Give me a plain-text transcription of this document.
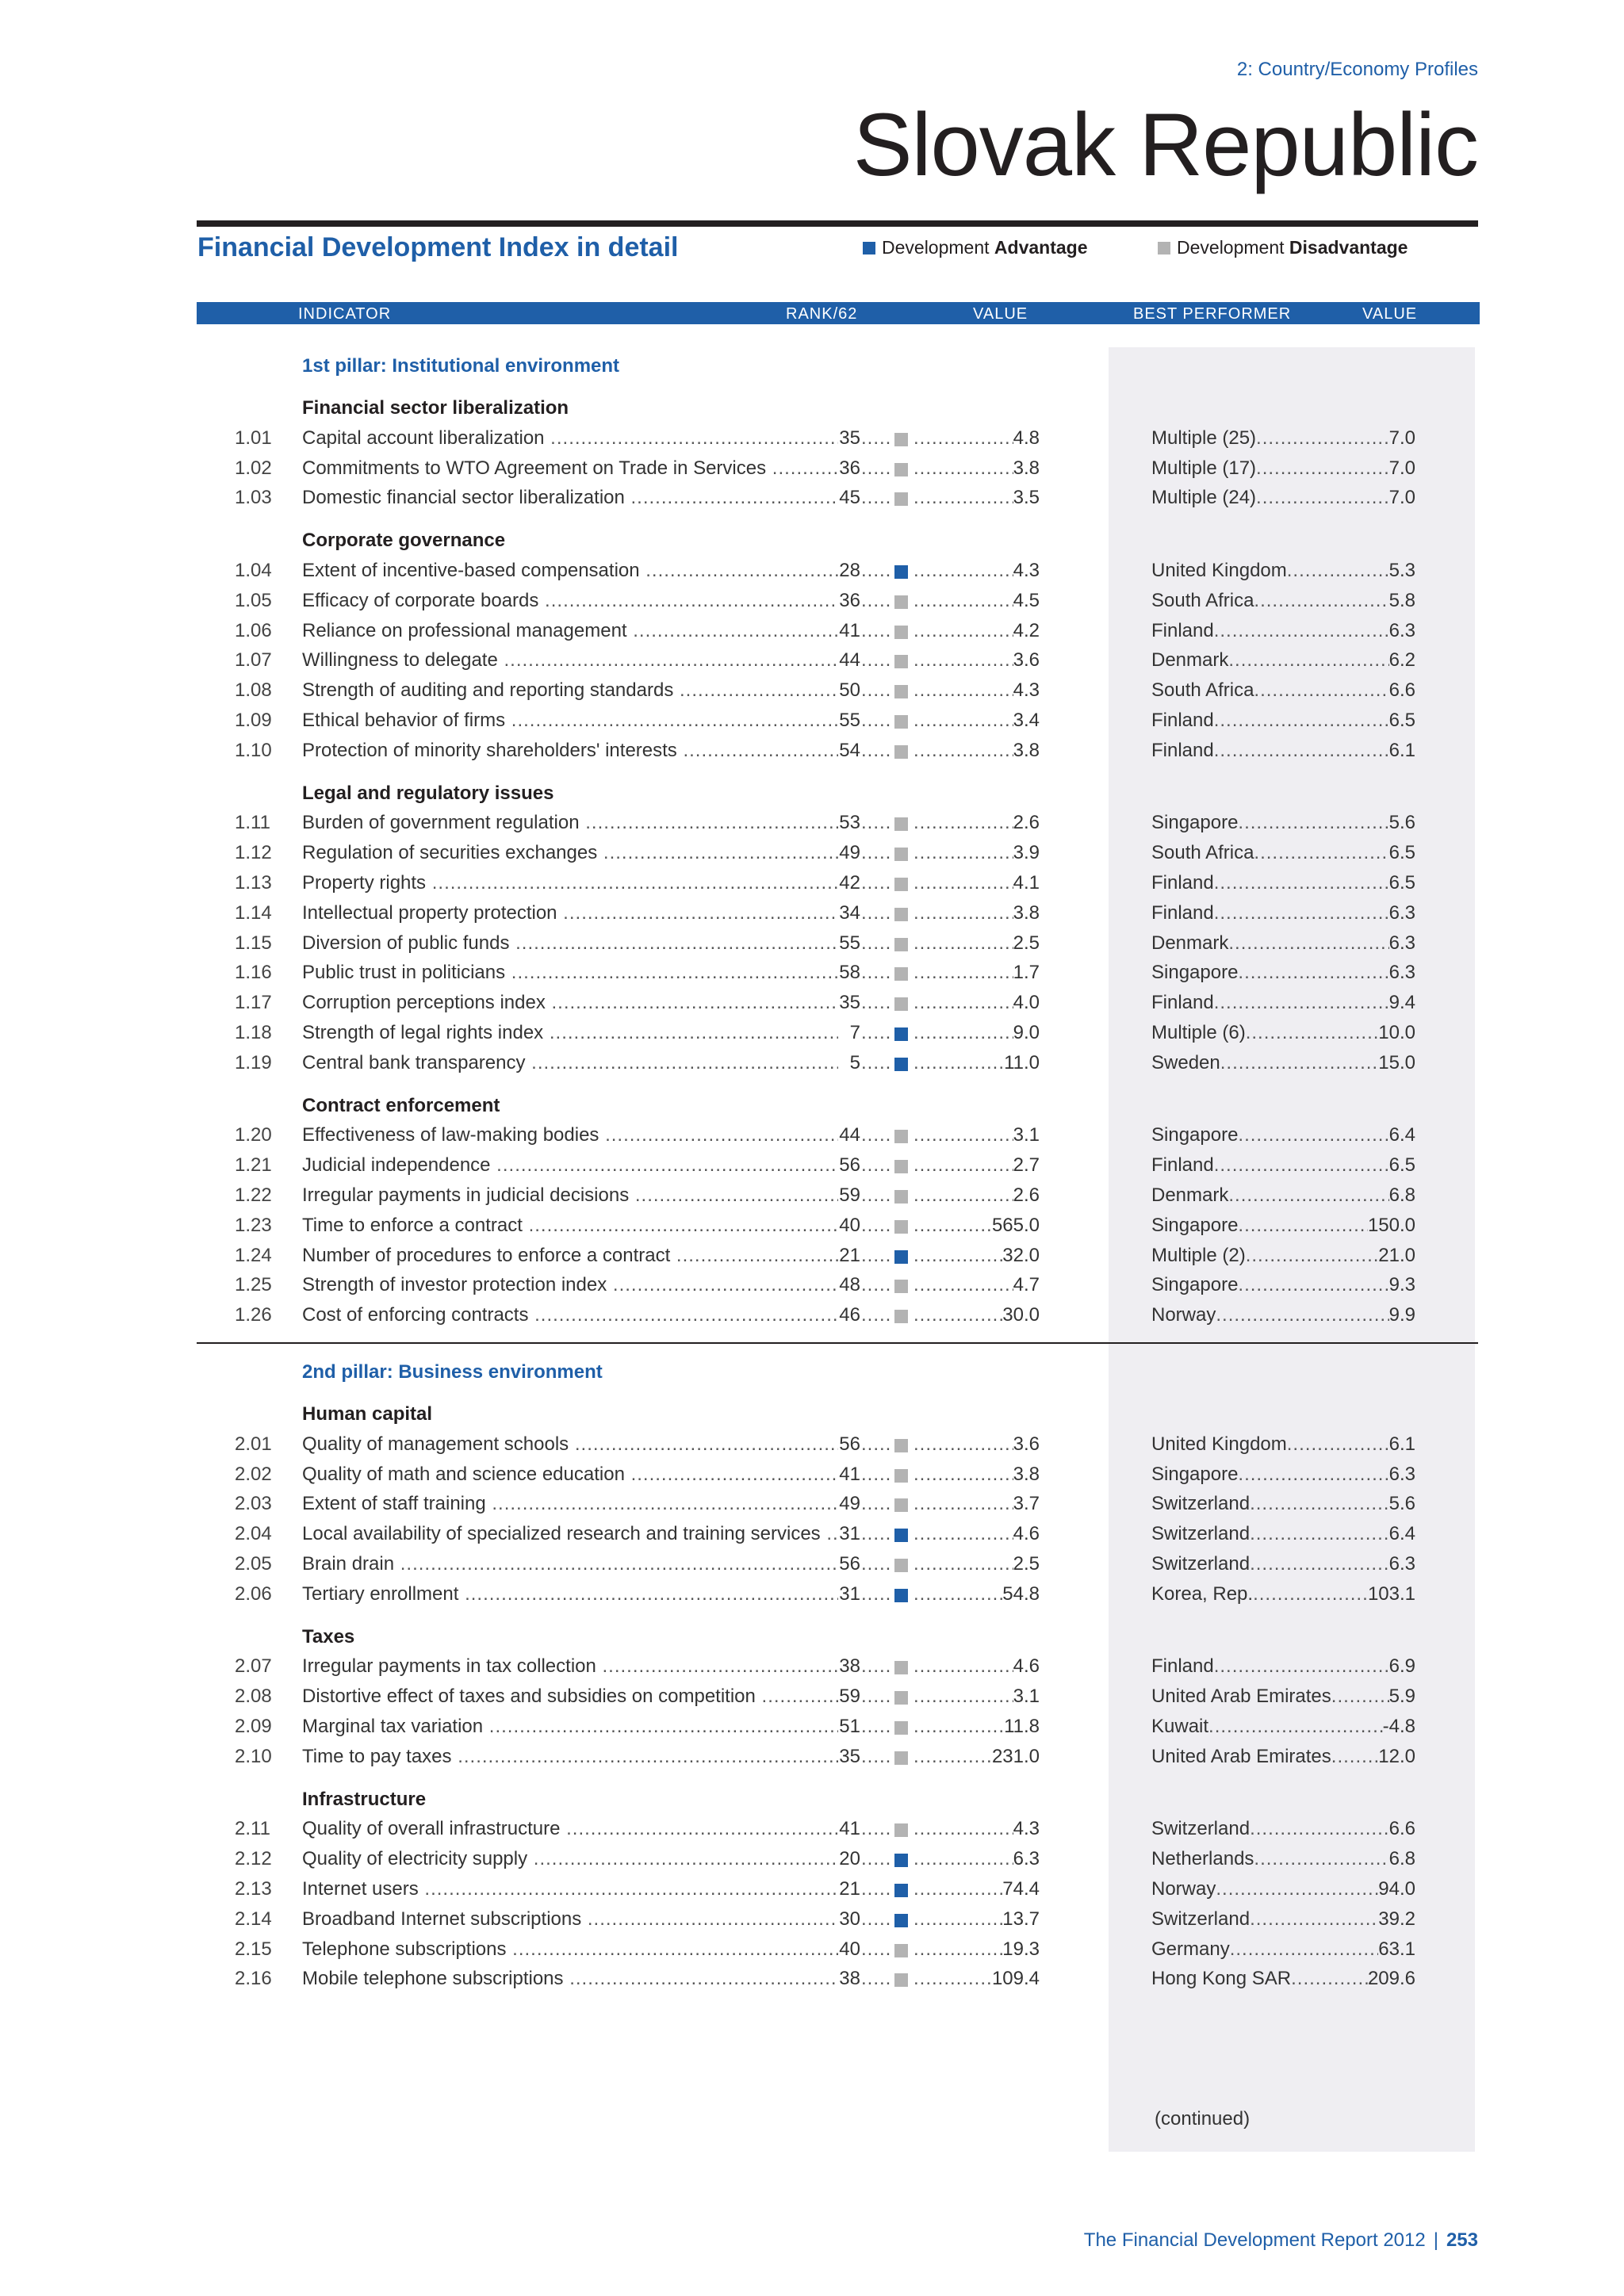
2: Country/Economy Profiles
Slovak Republic
Financial Development Index in detail	Development
Advantage	Development
Disadvantage
INDICATOR	RANK/62	VALUE	BEST PERFORMER	VALUE
1st pillar: Institutional environment
Financial sector liberalization
1.01 Capital account liberalization .....	35 ..... .....	4.8	Multiple (25) .....	7.0
1.02 Commitments to WTO Agreement on Trade in Services .....	36 ..... .....	3.8	Multiple (17) .....	7.0
1.03 Domestic financial sector liberalization .....	45 ..... .....	3.5	Multiple (24) .....	7.0
Corporate governance
1.04 Extent of incentive-based compensation .....	28 ..... .....	4.3	United Kingdom .....	5.3
1.05 Efficacy of corporate boards .....	36 ..... .....	4.5	South Africa .....	5.8
1.06 Reliance on professional management .....	41 ..... .....	4.2	Finland .....	6.3
1.07 Willingness to delegate .....	44 ..... .....	3.6	Denmark .....	6.2
1.08 Strength of auditing and reporting standards .....	50 ..... .....	4.3	South Africa .....	6.6
1.09 Ethical behavior of firms .....	55 ..... .....	3.4	Finland .....	6.5
1.10 Protection of minority shareholders' interests .....	54 ..... .....	3.8	Finland .....	6.1
Legal and regulatory issues
1.11 Burden of government regulation .....	53 ..... .....	2.6	Singapore .....	5.6
1.12 Regulation of securities exchanges .....	49 ..... .....	3.9	South Africa .....	6.5
1.13 Property rights .....	42 ..... .....	4.1	Finland .....	6.5
1.14 Intellectual property protection .....	34 ..... .....	3.8	Finland .....	6.3
1.15 Diversion of public funds .....	55 ..... .....	2.5	Denmark .....	6.3
1.16 Public trust in politicians .....	58 ..... .....	1.7	Singapore .....	6.3
1.17 Corruption perceptions index .....	35 ..... .....	4.0	Finland .....	9.4
1.18 Strength of legal rights index .....	7 ..... .....	9.0	Multiple (6) .....	10.0
1.19 Central bank transparency .....	5 ..... .....	11.0	Sweden .....	15.0
Contract enforcement
1.20 Effectiveness of law-making bodies .....	44 ..... .....	3.1	Singapore .....	6.4
1.21 Judicial independence .....	56 ..... .....	2.7	Finland .....	6.5
1.22 Irregular payments in judicial decisions .....	59 ..... .....	2.6	Denmark .....	6.8
1.23 Time to enforce a contract .....	40 ..... .....	565.0	Singapore .....	150.0
1.24 Number of procedures to enforce a contract .....	21 ..... .....	32.0	Multiple (2) .....	21.0
1.25 Strength of investor protection index .....	48 ..... .....	4.7	Singapore .....	9.3
1.26 Cost of enforcing contracts .....	46 ..... .....	30.0	Norway .....	9.9
2nd pillar: Business environment
Human capital
2.01 Quality of management schools .....	56 ..... .....	3.6	United Kingdom .....	6.1
2.02 Quality of math and science education .....	41 ..... .....	3.8	Singapore .....	6.3
2.03 Extent of staff training .....	49 ..... .....	3.7	Switzerland .....	5.6
2.04 Local availability of specialized research and training services ..... 31 ..... .....	4.6	Switzerland .....	6.4
2.05 Brain drain .....	56 ..... .....	2.5	Switzerland .....	6.3
2.06 Tertiary enrollment .....	31 ..... .....	54.8	Korea, Rep. .....	103.1
Taxes
2.07 Irregular payments in tax collection .....	38 ..... .....	4.6	Finland .....	6.9
2.08 Distortive effect of taxes and subsidies on competition .....	59 ..... .....	3.1	United Arab Emirates .....	5.9
2.09 Marginal tax variation .....	51 ..... .....	11.8	Kuwait .....	-4.8
2.10 Time to pay taxes .....	35 ..... .....	231.0	United Arab Emirates ..... 12.0
Infrastructure
2.11 Quality of overall infrastructure .....	41 ..... .....	4.3	Switzerland .....	6.6
2.12 Quality of electricity supply .....	20 ..... .....	6.3	Netherlands .....	6.8
2.13 Internet users .....	21 ..... .....	74.4	Norway .....	94.0
2.14 Broadband Internet subscriptions .....	30 ..... .....	13.7	Switzerland .....	39.2
2.15 Telephone subscriptions .....	40 ..... .....	19.3	Germany .....	63.1
2.16 Mobile telephone subscriptions .....	38 ..... .....	109.4	Hong Kong SAR .....	209.6
(continued)
The Financial Development Report 2012 | 253
